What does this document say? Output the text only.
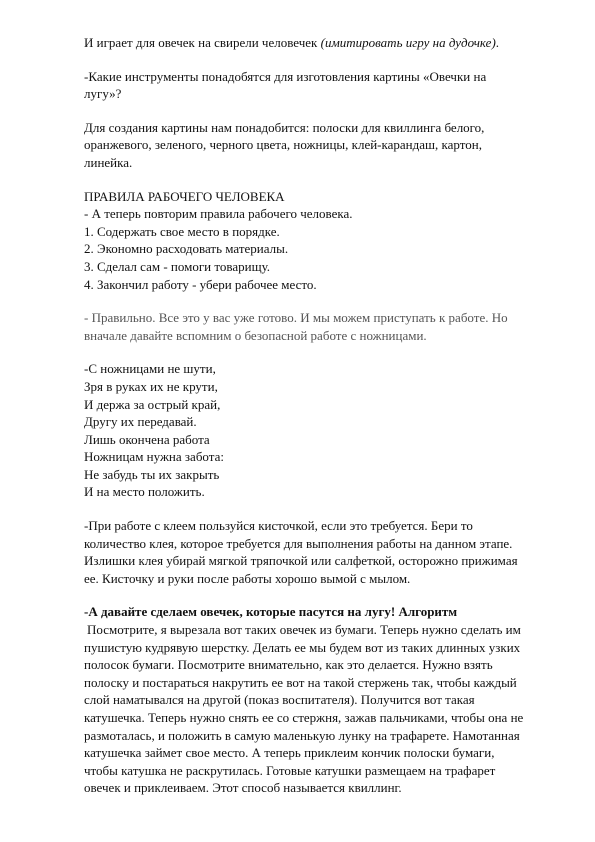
И играет для овечек на свирели человечек (имитировать игру на дудочке).

-Какие инструменты понадобятся для изготовления картины «Овечки на лугу»?

Для создания картины нам понадобится: полоски для квиллинга белого, оранжевого, зеленого, черного цвета, ножницы, клей-карандаш, картон, линейка.

ПРАВИЛА РАБОЧЕГО ЧЕЛОВЕКА

- А теперь повторим правила рабочего человека.

1. Содержать свое место в порядке.

2. Экономно расходовать материалы.

3. Сделал сам - помоги товарищу.

4. Закончил работу - убери рабочее место.

- Правильно. Все это у вас уже готово. И мы можем приступать к работе. Но вначале давайте вспомним о безопасной работе с ножницами.

-С ножницами не шути,

Зря в руках их не крути,

И держа за острый край,

Другу их передавай.

Лишь окончена работа

Ножницам нужна забота:

Не забудь ты их закрыть

И на место положить.

-При работе с клеем пользуйся кисточкой, если это требуется. Бери то количество клея, которое требуется для выполнения работы на данном этапе. Излишки клея убирай мягкой тряпочкой или салфеткой, осторожно прижимая ее. Кисточку и руки после работы хорошо вымой с мылом.

-А давайте сделаем овечек, которые пасутся на лугу! Алгоритм

Посмотрите, я вырезала вот таких овечек из бумаги. Теперь нужно сделать им пушистую кудрявую шерстку. Делать ее мы будем вот из таких длинных узких полосок бумаги. Посмотрите внимательно, как это делается. Нужно взять полоску и постараться накрутить ее вот на такой стержень так, чтобы каждый слой наматывался на другой (показ воспитателя). Получится вот такая катушечка. Теперь нужно снять ее со стержня, зажав пальчиками, чтобы она не размоталась, и положить в самую маленькую лунку на трафарете. Намотанная катушечка займет свое место. А теперь приклеим кончик полоски бумаги, чтобы катушка не раскрутилась. Готовые катушки размещаем на трафарет овечек и приклеиваем. Этот способ называется квиллинг.
